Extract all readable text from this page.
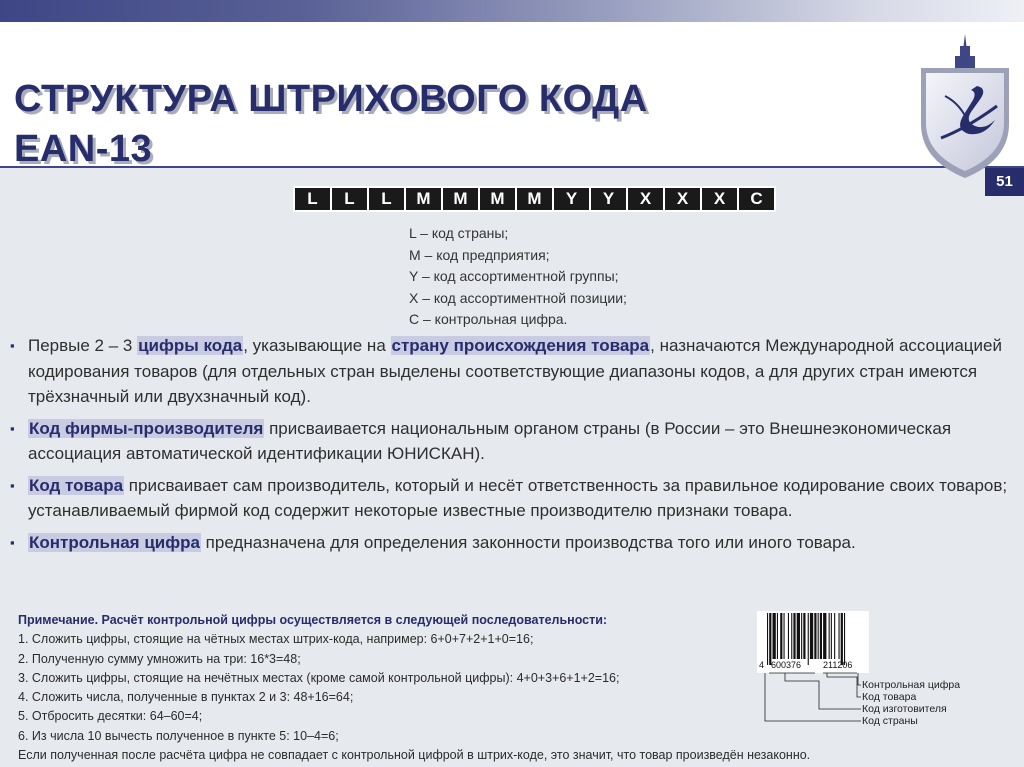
СТРУКТУРА ШТРИХОВОГО КОДА
EAN-13
51
L	L	L	M	M	M	M	Y	Y	X	X	X	C
L – код страны;
M – код предприятия;
Y – код ассортиментной группы;
X – код ассортиментной позиции;
C – контрольная цифра.
▪ Первые 2 – 3 цифры кода, указывающие на страну происхождения товара, назначаются Международной ассоциацией кодирования товаров (для отдельных стран выделены соответствующие диапазоны кодов, а для других стран имеются трёхзначный или двухзначный код).
▪ Код фирмы-производителя присваивается национальным органом страны (в России – это Внешнеэкономическая ассоциация автоматической идентификации ЮНИСКАН).
▪ Код товара присваивает сам производитель, который и несёт ответственность за правильное кодирование своих товаров; устанавливаемый фирмой код содержит некоторые известные производителю признаки товара.
▪ Контрольная цифра предназначена для определения законности производства того или иного товара.
Примечание. Расчёт контрольной цифры осуществляется в следующей последовательности:
1. Сложить цифры, стоящие на чётных местах штрих-кода, например: 6+0+7+2+1+0=16;
2. Полученную сумму умножить на три: 16*3=48;
3. Сложить цифры, стоящие на нечётных местах (кроме самой контрольной цифры): 4+0+3+6+1+2=16;
4. Сложить числа, полученные в пунктах 2 и 3: 48+16=64;
5. Отбросить десятки: 64–60=4;
6. Из числа 10 вычесть полученное в пункте 5: 10–4=6;
Если полученная после расчёта цифра не совпадает с контрольной цифрой в штрих-коде, это значит, что товар произведён незаконно.
4 600376 211206
Контрольная цифра
Код товара
Код изготовителя
Код страны
